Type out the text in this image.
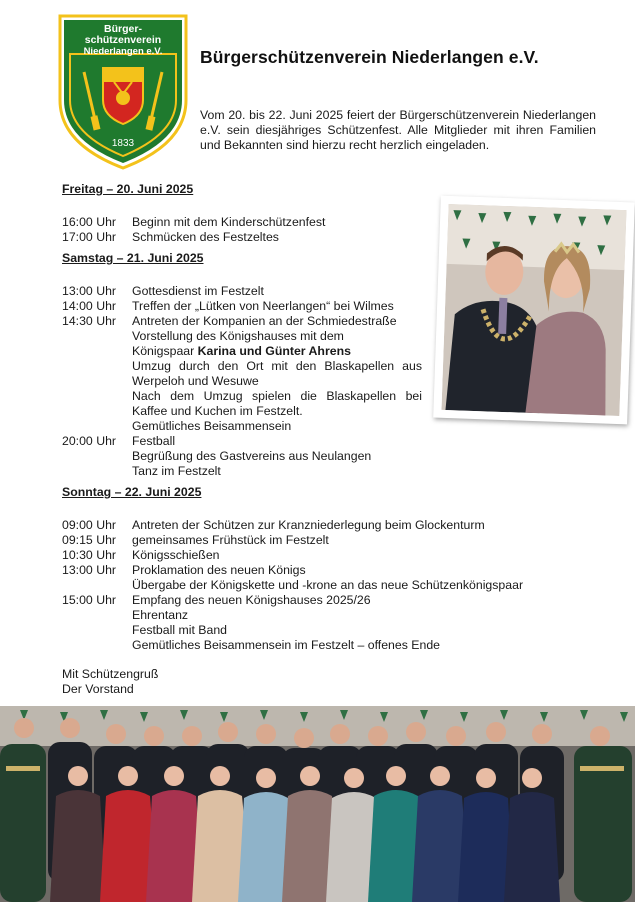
Bürger-
schützenverein
Niederlangen e.V.
1833
Bürgerschützenverein Niederlangen e.V.
Vom 20. bis 22. Juni 2025 feiert der Bürgerschützenverein Niederlangen e.V. sein diesjähriges Schützenfest. Alle Mitglieder mit ihren Familien und Bekannten sind hierzu recht herzlich eingeladen.
Freitag – 20. Juni 2025
16:00 Uhr	Beginn mit dem Kinderschützenfest
17:00 Uhr	Schmücken des Festzeltes
Samstag – 21. Juni 2025
13:00 Uhr	Gottesdienst im Festzelt
14:00 Uhr	Treffen der „Lütken von Neerlangen“ bei Wilmes
14:30 Uhr	Antreten der Kompanien an der Schmiedestraße
Vorstellung des Königshauses mit dem
Königspaar Karina und Günter Ahrens
Umzug durch den Ort mit den Blaskapellen aus Werpeloh und Wesuwe
Nach dem Umzug spielen die Blaskapellen bei Kaffee und Kuchen im Festzelt.
Gemütliches Beisammensein
20:00 Uhr	Festball
Begrüßung des Gastvereins aus Neulangen
Tanz im Festzelt
Sonntag – 22. Juni 2025
09:00 Uhr	Antreten der Schützen zur Kranzniederlegung beim Glockenturm
09:15 Uhr	gemeinsames Frühstück im Festzelt
10:30 Uhr	Königsschießen
13:00 Uhr	Proklamation des neuen Königs
Übergabe der Königskette und -krone an das neue Schützenkönigspaar
15:00 Uhr	Empfang des neuen Königshauses 2025/26
Ehrentanz
Festball mit Band
Gemütliches Beisammensein im Festzelt – offenes Ende
Mit Schützengruß
Der Vorstand
